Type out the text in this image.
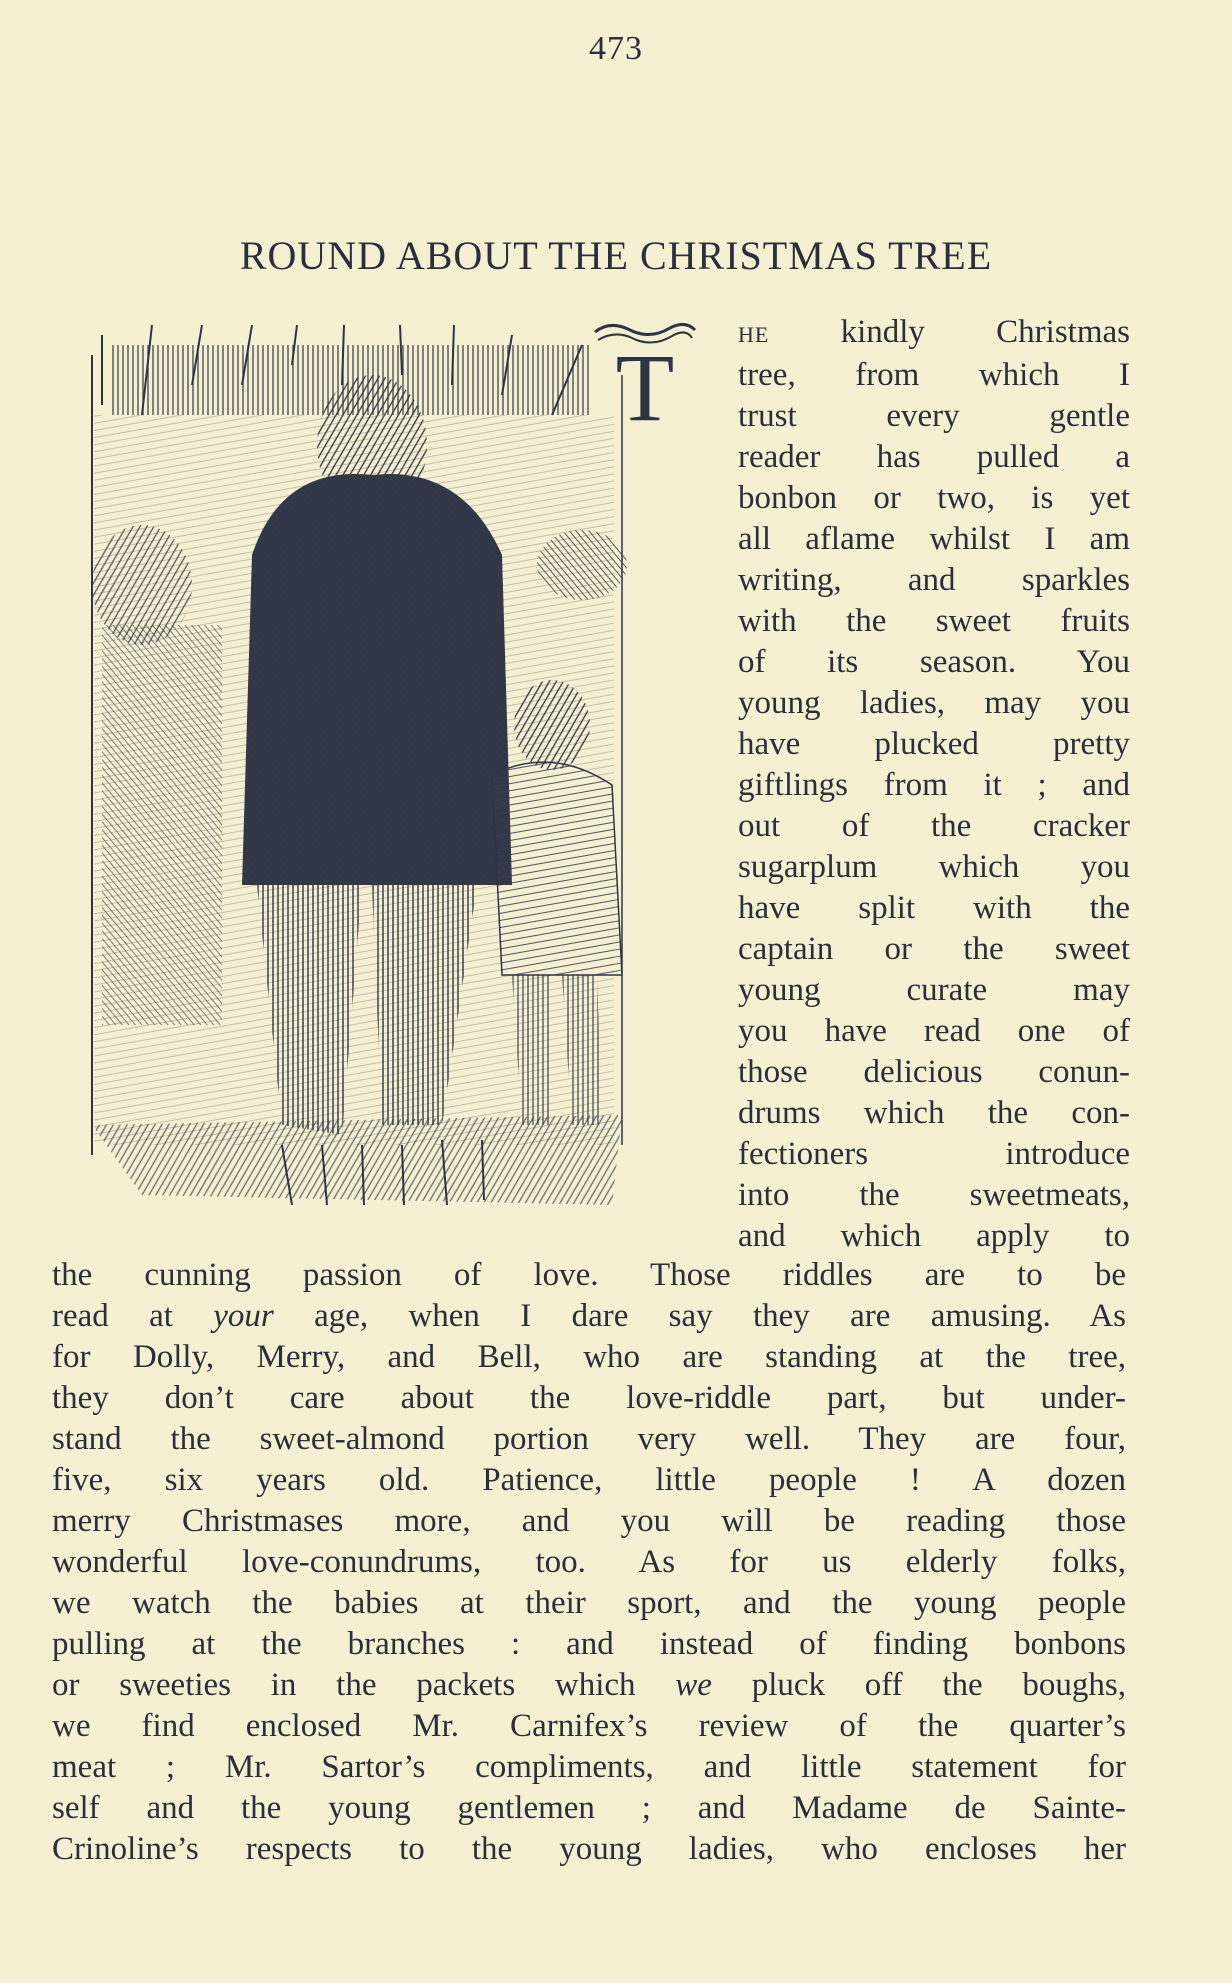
473
ROUND ABOUT THE CHRISTMAS TREE
T	HE kindly Christmas
tree, from which I
trust every gentle
reader has pulled a
bonbon or two, is yet
all aflame whilst I am
writing, and sparkles
with the sweet fruits
of its season. You
young ladies, may you
have plucked pretty
giftlings from it ; and
out of the cracker
sugarplum which you
have split with the
captain or the sweet
young curate may
you have read one of
those delicious conun-
drums which the con-
fectioners introduce
into the sweetmeats,
and which apply to
the cunning passion of love. Those riddles are to be
read at your age, when I dare say they are amusing. As
for Dolly, Merry, and Bell, who are standing at the tree,
they don’t care about the love-riddle part, but under-
stand the sweet-almond portion very well. They are four,
five, six years old. Patience, little people ! A dozen
merry Christmases more, and you will be reading those
wonderful love-conundrums, too. As for us elderly folks,
we watch the babies at their sport, and the young people
pulling at the branches : and instead of finding bonbons
or sweeties in the packets which we pluck off the boughs,
we find enclosed Mr. Carnifex’s review of the quarter’s
meat ; Mr. Sartor’s compliments, and little statement for
self and the young gentlemen ; and Madame de Sainte-
Crinoline’s respects to the young ladies, who encloses her
